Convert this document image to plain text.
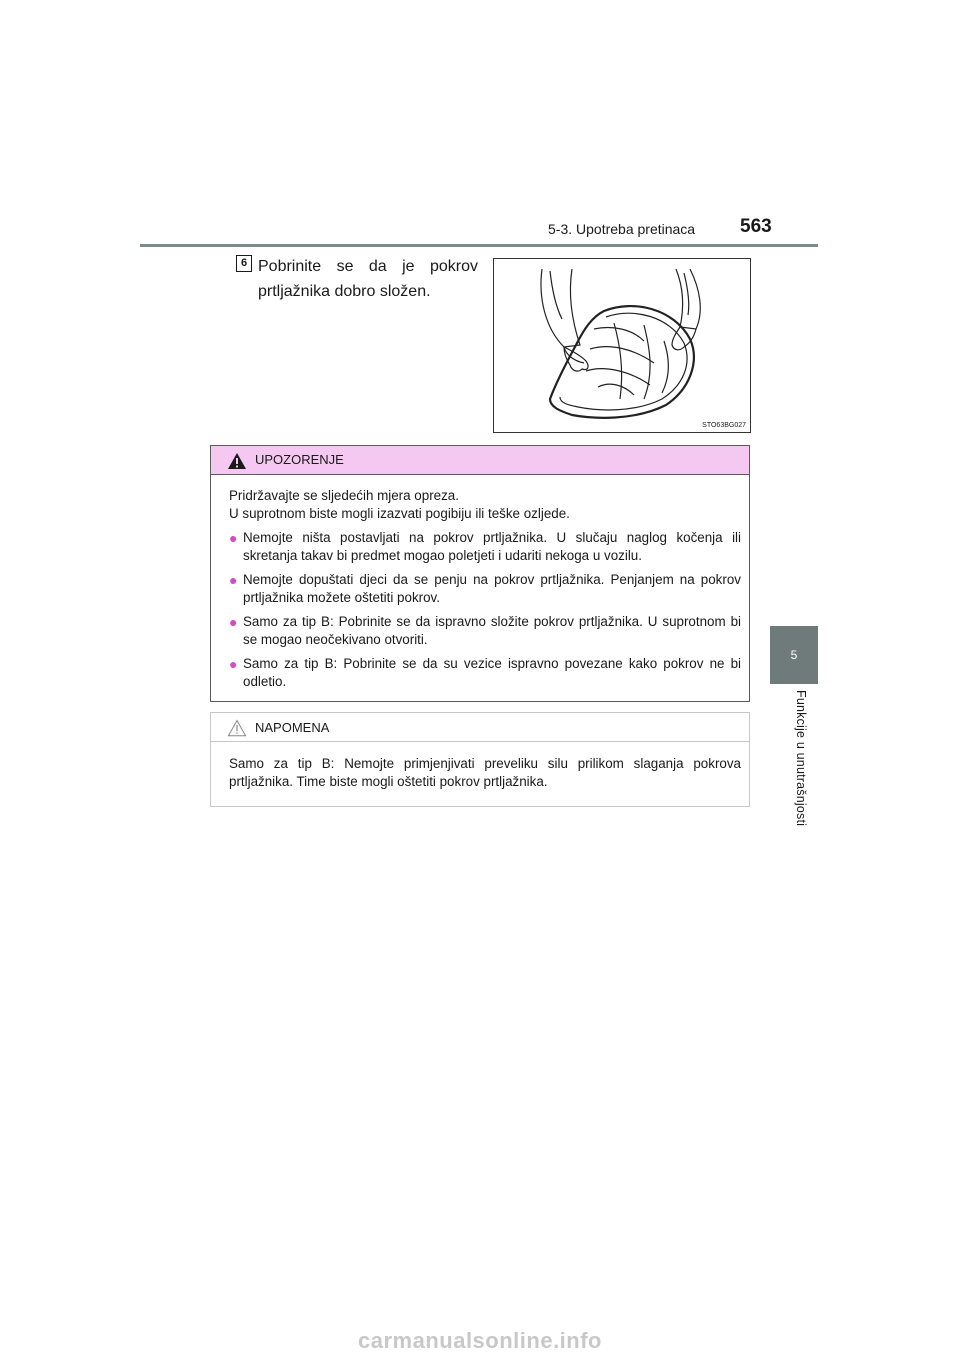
5-3. Upotreba pretinaca 563
5
Funkcije u unutrašnjosti
6 Pobrinite se da je pokrov prtljažnika dobro složen.
STO63BG027
UPOZORENJE

Pridržavajte se sljedećih mjera opreza.

U suprotnom biste mogli izazvati pogibiju ili teške ozljede.

● Nemojte ništa postavljati na pokrov prtljažnika. U slučaju naglog kočenja ili skretanja takav bi predmet mogao poletjeti i udariti nekoga u vozilu.
● Nemojte dopuštati djeci da se penju na pokrov prtljažnika. Penjanjem na pokrov prtljažnika možete oštetiti pokrov.
● Samo za tip B: Pobrinite se da ispravno složite pokrov prtljažnika. U suprotnom bi se mogao neočekivano otvoriti.
● Samo za tip B: Pobrinite se da su vezice ispravno povezane kako pokrov ne bi odletio.
NAPOMENA
Samo za tip B: Nemojte primjenjivati preveliku silu prilikom slaganja pokrova prtljažnika. Time biste mogli oštetiti pokrov prtljažnika.
carmanualsonline.info
